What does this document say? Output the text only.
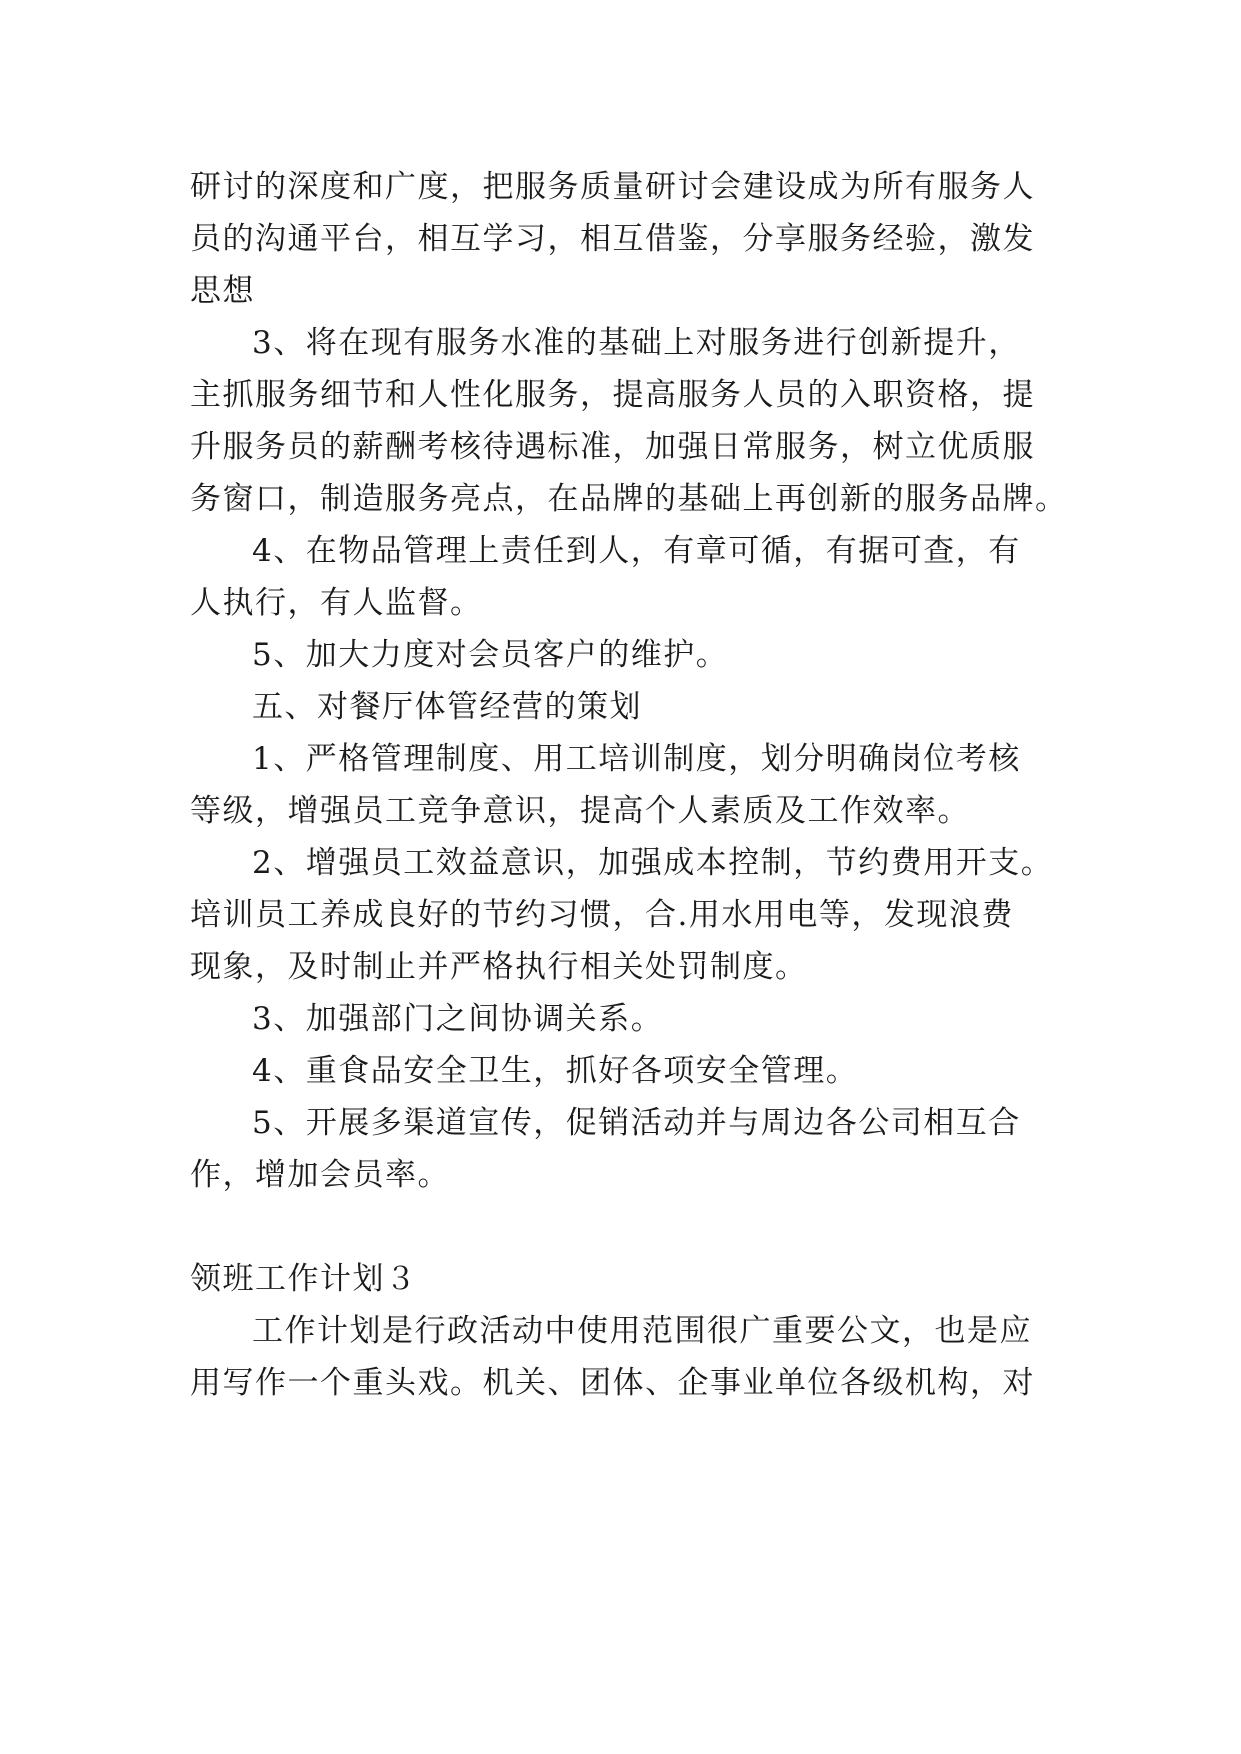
研讨的深度和广度，把服务质量研讨会建设成为所有服务人
员的沟通平台，相互学习，相互借鉴，分享服务经验，激发
思想
3、将在现有服务水准的基础上对服务进行创新提升，
主抓服务细节和人性化服务，提高服务人员的入职资格，提
升服务员的薪酬考核待遇标准，加强日常服务，树立优质服
务窗口，制造服务亮点，在品牌的基础上再创新的服务品牌。
4、在物品管理上责任到人，有章可循，有据可查，有
人执行，有人监督。
5、加大力度对会员客户的维护。
五、对餐厅体管经营的策划
1、严格管理制度、用工培训制度，划分明确岗位考核
等级，增强员工竞争意识，提高个人素质及工作效率。
2、增强员工效益意识，加强成本控制，节约费用开支。
培训员工养成良好的节约习惯，合.用水用电等，发现浪费
现象，及时制止并严格执行相关处罚制度。
3、加强部门之间协调关系。
4、重食品安全卫生，抓好各项安全管理。
5、开展多渠道宣传，促销活动并与周边各公司相互合
作，增加会员率。
领班工作计划３
工作计划是行政活动中使用范围很广重要公文，也是应
用写作一个重头戏。机关、团体、企事业单位各级机构，对
